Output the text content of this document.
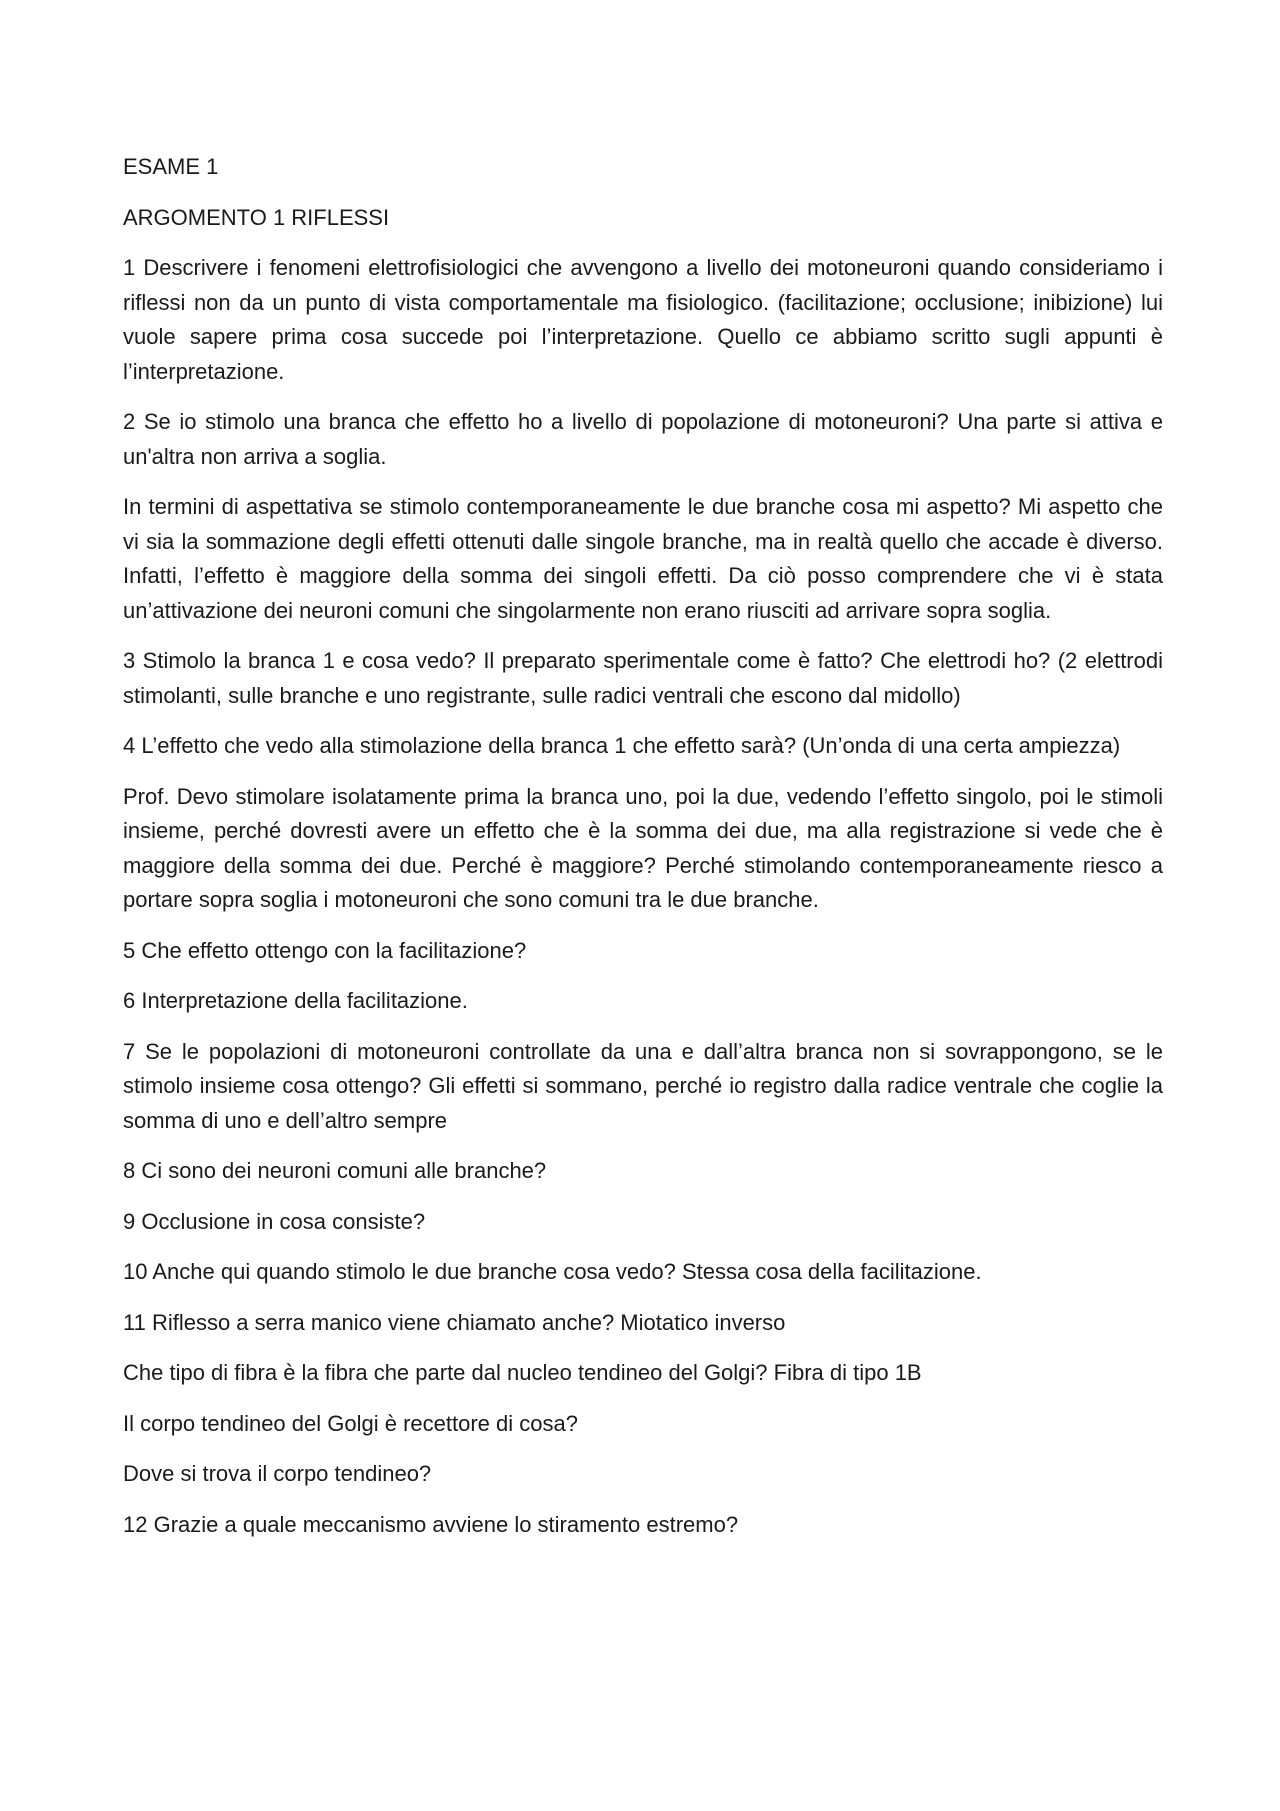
ESAME 1

ARGOMENTO 1 RIFLESSI

1 Descrivere i fenomeni elettrofisiologici che avvengono a livello dei motoneuroni quando consideriamo i riflessi non da un punto di vista comportamentale ma fisiologico. (facilitazione; occlusione; inibizione) lui vuole sapere prima cosa succede poi l’interpretazione. Quello ce abbiamo scritto sugli appunti è l’interpretazione.

2 Se io stimolo una branca che effetto ho a livello di popolazione di motoneuroni? Una parte si attiva e un'altra non arriva a soglia.

In termini di aspettativa se stimolo contemporaneamente le due branche cosa mi aspetto? Mi aspetto che vi sia la sommazione degli effetti ottenuti dalle singole branche, ma in realtà quello che accade è diverso. Infatti, l’effetto è maggiore della somma dei singoli effetti. Da ciò posso comprendere che vi è stata un’attivazione dei neuroni comuni che singolarmente non erano riusciti ad arrivare sopra soglia.

3 Stimolo la branca 1 e cosa vedo? Il preparato sperimentale come è fatto? Che elettrodi ho? (2 elettrodi stimolanti, sulle branche e uno registrante, sulle radici ventrali che escono dal midollo)

4 L’effetto che vedo alla stimolazione della branca 1 che effetto sarà? (Un’onda di una certa ampiezza)

Prof. Devo stimolare isolatamente prima la branca uno, poi la due, vedendo l’effetto singolo, poi le stimoli insieme, perché dovresti avere un effetto che è la somma dei due, ma alla registrazione si vede che è maggiore della somma dei due. Perché è maggiore? Perché stimolando contemporaneamente riesco a portare sopra soglia i motoneuroni che sono comuni tra le due branche.

5 Che effetto ottengo con la facilitazione?

6 Interpretazione della facilitazione.

7 Se le popolazioni di motoneuroni controllate da una e dall’altra branca non si sovrappongono, se le stimolo insieme cosa ottengo? Gli effetti si sommano, perché io registro dalla radice ventrale che coglie la somma di uno e dell’altro sempre

8 Ci sono dei neuroni comuni alle branche?

9 Occlusione in cosa consiste?

10 Anche qui quando stimolo le due branche cosa vedo? Stessa cosa della facilitazione.

11 Riflesso a serra manico viene chiamato anche? Miotatico inverso

Che tipo di fibra è la fibra che parte dal nucleo tendineo del Golgi? Fibra di tipo 1B

Il corpo tendineo del Golgi è recettore di cosa?

Dove si trova il corpo tendineo?

12 Grazie a quale meccanismo avviene lo stiramento estremo?
